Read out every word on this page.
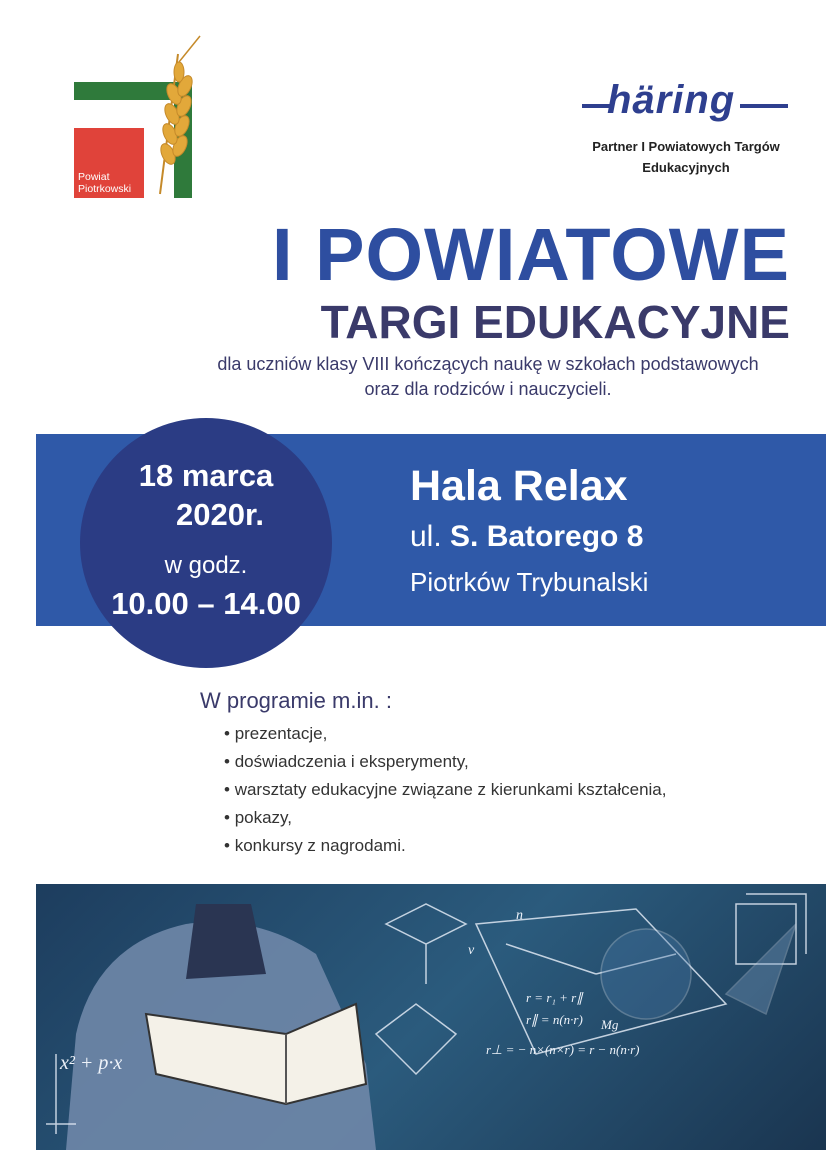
Powiat
Piotrkowski
häring
Partner I Powiatowych Targów
Edukacyjnych
I POWIATOWE
TARGI EDUKACYJNE
dla uczniów klasy VIII kończących naukę w szkołach podstawowych
oraz dla rodziców i nauczycieli.
18 marca
2020r.
w godz.
10.00 – 14.00
Hala Relax
ul. S. Batorego 8
Piotrków Trybunalski
W programie m.in. :
• prezentacje,
• doświadczenia i eksperymenty,
• warsztaty edukacyjne związane z kierunkami kształcenia,
• pokazy,
• konkursy z nagrodami.
r = r₁ + r∥
r∥ = n(n·r)
r⊥ = − n×(n×r) = r − n(n·r)
Mg
x² + p·x
v
n
